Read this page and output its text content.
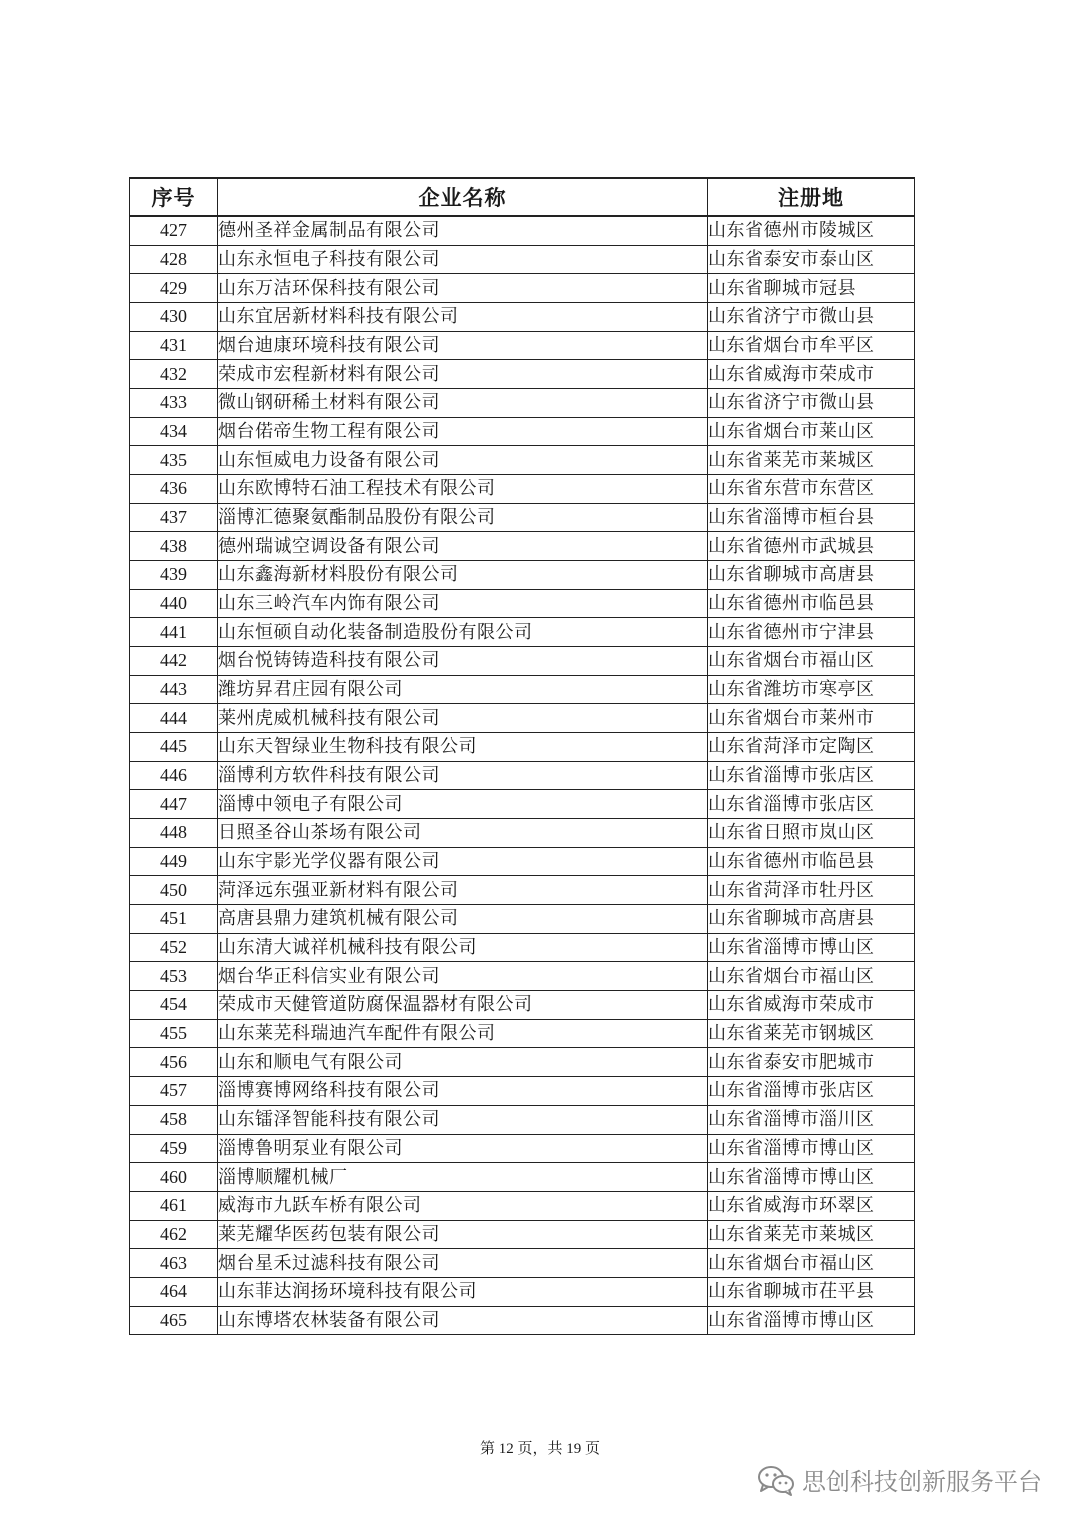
序号	企业名称	注册地
427	德州圣祥金属制品有限公司	山东省德州市陵城区
428	山东永恒电子科技有限公司	山东省泰安市泰山区
429	山东万洁环保科技有限公司	山东省聊城市冠县
430	山东宜居新材料科技有限公司	山东省济宁市微山县
431	烟台迪康环境科技有限公司	山东省烟台市牟平区
432	荣成市宏程新材料有限公司	山东省威海市荣成市
433	微山钢研稀土材料有限公司	山东省济宁市微山县
434	烟台偌帝生物工程有限公司	山东省烟台市莱山区
435	山东恒威电力设备有限公司	山东省莱芜市莱城区
436	山东欧博特石油工程技术有限公司	山东省东营市东营区
437	淄博汇德聚氨酯制品股份有限公司	山东省淄博市桓台县
438	德州瑞诚空调设备有限公司	山东省德州市武城县
439	山东鑫海新材料股份有限公司	山东省聊城市高唐县
440	山东三岭汽车内饰有限公司	山东省德州市临邑县
441	山东恒硕自动化装备制造股份有限公司	山东省德州市宁津县
442	烟台悦铸铸造科技有限公司	山东省烟台市福山区
443	潍坊昇君庄园有限公司	山东省潍坊市寒亭区
444	莱州虎威机械科技有限公司	山东省烟台市莱州市
445	山东天智绿业生物科技有限公司	山东省菏泽市定陶区
446	淄博利方软件科技有限公司	山东省淄博市张店区
447	淄博中领电子有限公司	山东省淄博市张店区
448	日照圣谷山茶场有限公司	山东省日照市岚山区
449	山东宇影光学仪器有限公司	山东省德州市临邑县
450	菏泽远东强亚新材料有限公司	山东省菏泽市牡丹区
451	高唐县鼎力建筑机械有限公司	山东省聊城市高唐县
452	山东清大诚祥机械科技有限公司	山东省淄博市博山区
453	烟台华正科信实业有限公司	山东省烟台市福山区
454	荣成市天健管道防腐保温器材有限公司	山东省威海市荣成市
455	山东莱芜科瑞迪汽车配件有限公司	山东省莱芜市钢城区
456	山东和顺电气有限公司	山东省泰安市肥城市
457	淄博赛博网络科技有限公司	山东省淄博市张店区
458	山东镭泽智能科技有限公司	山东省淄博市淄川区
459	淄博鲁明泵业有限公司	山东省淄博市博山区
460	淄博顺耀机械厂	山东省淄博市博山区
461	威海市九跃车桥有限公司	山东省威海市环翠区
462	莱芜耀华医药包装有限公司	山东省莱芜市莱城区
463	烟台星禾过滤科技有限公司	山东省烟台市福山区
464	山东菲达润扬环境科技有限公司	山东省聊城市茌平县
465	山东博塔农林装备有限公司	山东省淄博市博山区
第 12 页，共 19 页
思创科技创新服务平台
